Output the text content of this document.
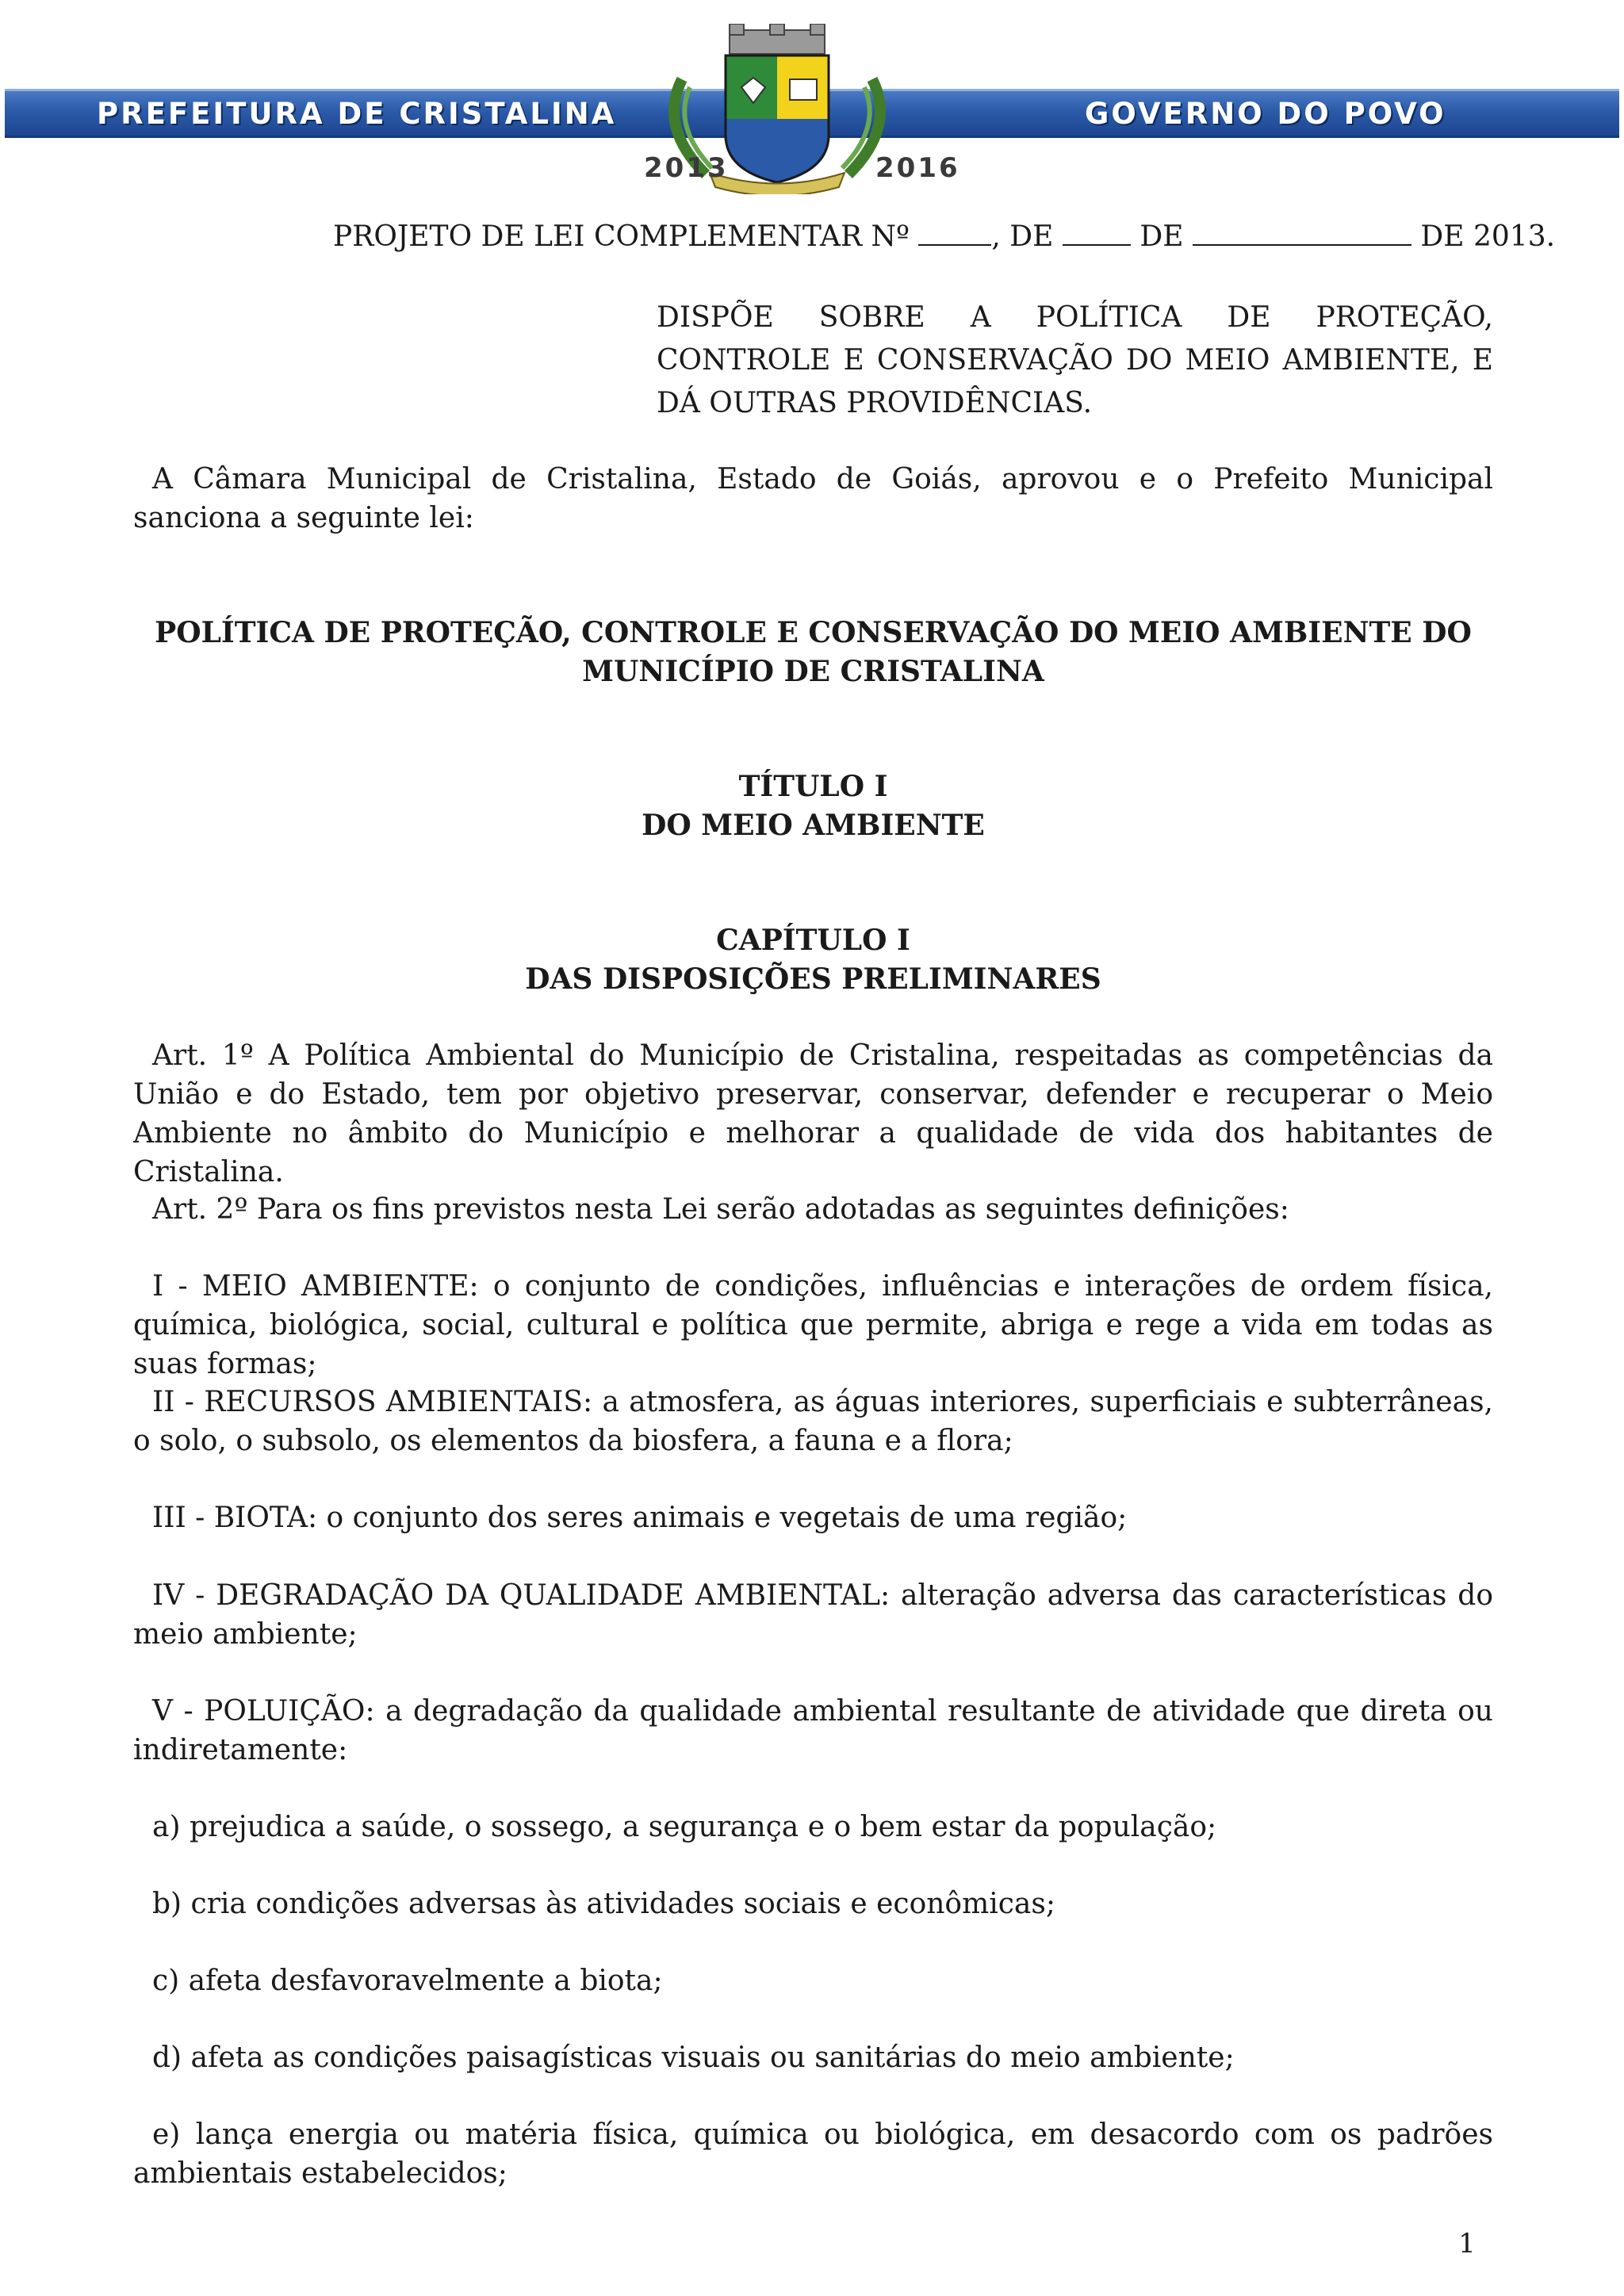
PREFEITURA DE CRISTALINA	GOVERNO DO POVO
2013	2016
PROJETO DE LEI COMPLEMENTAR Nº	, DE	DE	DE 2013.

DISPÕE SOBRE A POLÍTICA DE PROTEÇÃO, CONTROLE E CONSERVAÇÃO DO MEIO AMBIENTE, E DÁ OUTRAS PROVIDÊNCIAS.

A Câmara Municipal de Cristalina, Estado de Goiás, aprovou e o Prefeito Municipal sanciona a seguinte lei:

POLÍTICA DE PROTEÇÃO, CONTROLE E CONSERVAÇÃO DO MEIO AMBIENTE DO
MUNICÍPIO DE CRISTALINA
TÍTULO I
DO MEIO AMBIENTE
CAPÍTULO I
DAS DISPOSIÇÕES PRELIMINARES

Art. 1º A Política Ambiental do Município de Cristalina, respeitadas as competências da União e do Estado, tem por objetivo preservar, conservar, defender e recuperar o Meio Ambiente no âmbito do Município e melhorar a qualidade de vida dos habitantes de Cristalina.

Art. 2º Para os fins previstos nesta Lei serão adotadas as seguintes definições:

I - MEIO AMBIENTE: o conjunto de condições, influências e interações de ordem física, química, biológica, social, cultural e política que permite, abriga e rege a vida em todas as suas formas;

II - RECURSOS AMBIENTAIS: a atmosfera, as águas interiores, superficiais e subterrâneas, o solo, o subsolo, os elementos da biosfera, a fauna e a flora;

III - BIOTA: o conjunto dos seres animais e vegetais de uma região;

IV - DEGRADAÇÃO DA QUALIDADE AMBIENTAL: alteração adversa das características do meio ambiente;

V - POLUIÇÃO: a degradação da qualidade ambiental resultante de atividade que direta ou indiretamente:

a) prejudica a saúde, o sossego, a segurança e o bem estar da população;

b) cria condições adversas às atividades sociais e econômicas;

c) afeta desfavoravelmente a biota;

d) afeta as condições paisagísticas visuais ou sanitárias do meio ambiente;

e) lança energia ou matéria física, química ou biológica, em desacordo com os padrões ambientais estabelecidos;

1
